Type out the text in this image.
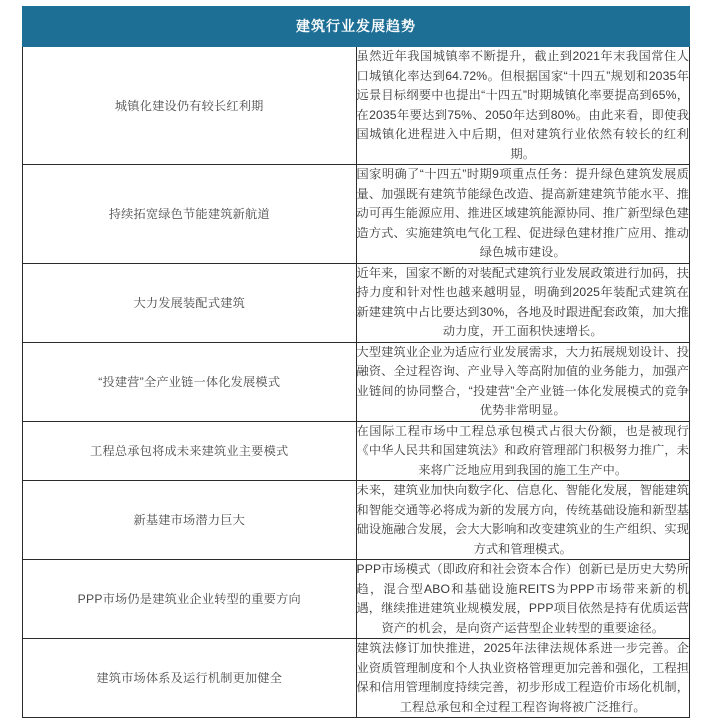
建筑行业发展趋势	
城镇化建设仍有较长红利期	虽然近年我国城镇率不断提升，截止到2021年末我国常住人口城镇化率达到64.72%。但根据国家“十四五”规划和2035年远景目标纲要中也提出“十四五”时期城镇化率要提高到65%，在2035年要达到75%、2050年达到80%。由此来看，即使我国城镇化进程进入中后期，但对建筑行业依然有较长的红利期。
持续拓宽绿色节能建筑新航道	国家明确了“十四五”时期9项重点任务：提升绿色建筑发展质量、加强既有建筑节能绿色改造、提高新建建筑节能水平、推动可再生能源应用、推进区域建筑能源协同、推广新型绿色建造方式、实施建筑电气化工程、促进绿色建材推广应用、推动绿色城市建设。
大力发展装配式建筑	近年来，国家不断的对装配式建筑行业发展政策进行加码，扶持力度和针对性也越来越明显，明确到2025年装配式建筑在新建建筑中占比要达到30%，各地及时跟进配套政策，加大推动力度，开工面积快速增长。
“投建营”全产业链一体化发展模式	大型建筑业企业为适应行业发展需求，大力拓展规划设计、投融资、全过程咨询、产业导入等高附加值的业务能力，加强产业链间的协同整合，“投建营”全产业链一体化发展模式的竞争优势非常明显。
工程总承包将成未来建筑业主要模式	在国际工程市场中工程总承包模式占很大份额，也是被现行《中华人民共和国建筑法》和政府管理部门积极努力推广，未来将广泛地应用到我国的施工生产中。
新基建市场潜力巨大	未来，建筑业加快向数字化、信息化、智能化发展，智能建筑和智能交通等必将成为新的发展方向，传统基础设施和新型基础设施融合发展，会大大影响和改变建筑业的生产组织、实现方式和管理模式。
PPP市场仍是建筑业企业转型的重要方向	PPP市场模式（即政府和社会资本合作）创新已是历史大势所趋，混合型ABO和基础设施REITS为PPP市场带来新的机遇，继续推进建筑业规模发展，PPP项目依然是持有优质运营资产的机会，是向资产运营型企业转型的重要途径。
建筑市场体系及运行机制更加健全	建筑法修订加快推进，2025年法律法规体系进一步完善。企业资质管理制度和个人执业资格管理更加完善和强化，工程担保和信用管理制度持续完善，初步形成工程造价市场化机制，工程总承包和全过程工程咨询将被广泛推行。
